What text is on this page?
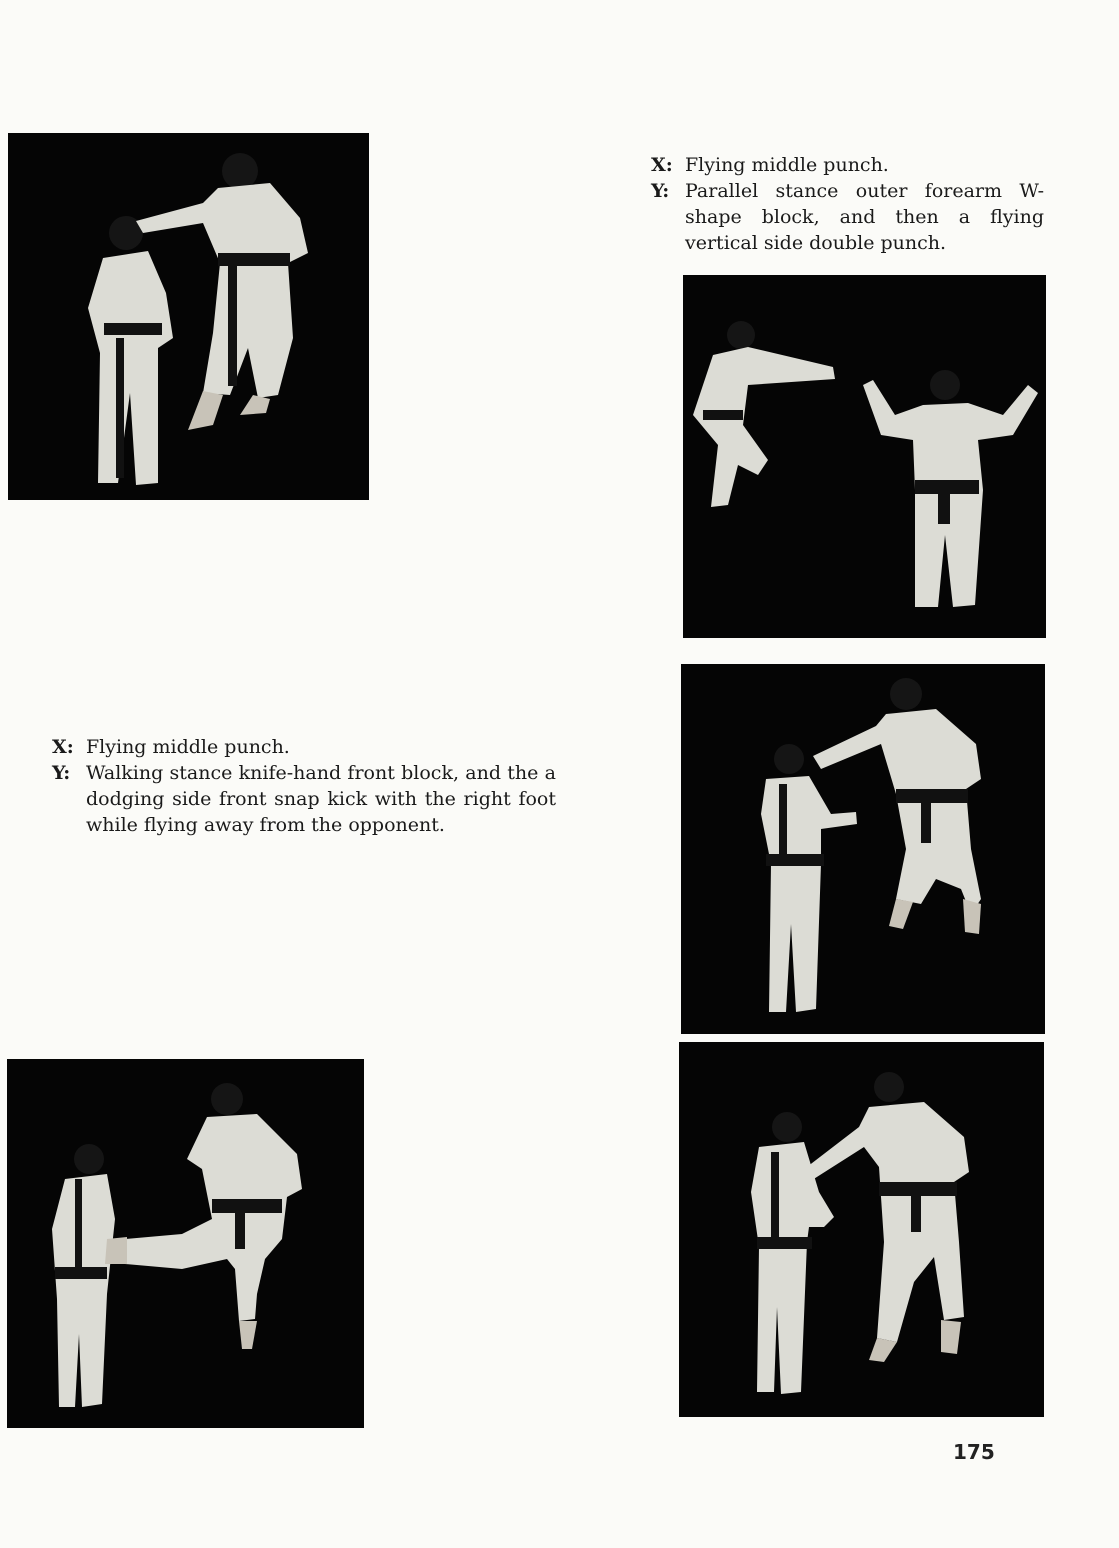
X: Flying middle punch.
Y: Parallel stance outer forearm W-shape block, and then a flying vertical side double punch.
X: Flying middle punch.
Y: Walking stance knife-hand front block, and the a dodging side front snap kick with the right foot while flying away from the opponent.
175
